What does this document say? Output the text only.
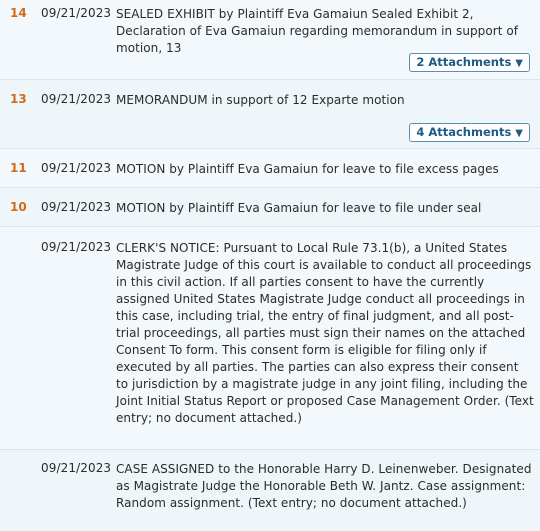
14	09/21/2023 SEALED EXHIBIT by Plaintiff Eva Gamaiun Sealed Exhibit 2, Declaration of Eva Gamaiun regarding memorandum in support of motion, 13
2 Attachments ▼
13	09/21/2023 MEMORANDUM in support of 12 Exparte motion
4 Attachments ▼
11	09/21/2023 MOTION by Plaintiff Eva Gamaiun for leave to file excess pages
10	09/21/2023 MOTION by Plaintiff Eva Gamaiun for leave to file under seal
09/21/2023 CLERK'S NOTICE: Pursuant to Local Rule 73.1(b), a United States Magistrate Judge of this court is available to conduct all proceedings in this civil action. If all parties consent to have the currently assigned United States Magistrate Judge conduct all proceedings in this case, including trial, the entry of final judgment, and all post-trial proceedings, all parties must sign their names on the attached Consent To form. This consent form is eligible for filing only if executed by all parties. The parties can also express their consent to jurisdiction by a magistrate judge in any joint filing, including the Joint Initial Status Report or proposed Case Management Order. (Text entry; no document attached.)
09/21/2023 CASE ASSIGNED to the Honorable Harry D. Leinenweber. Designated as Magistrate Judge the Honorable Beth W. Jantz. Case assignment: Random assignment. (Text entry; no document attached.)
